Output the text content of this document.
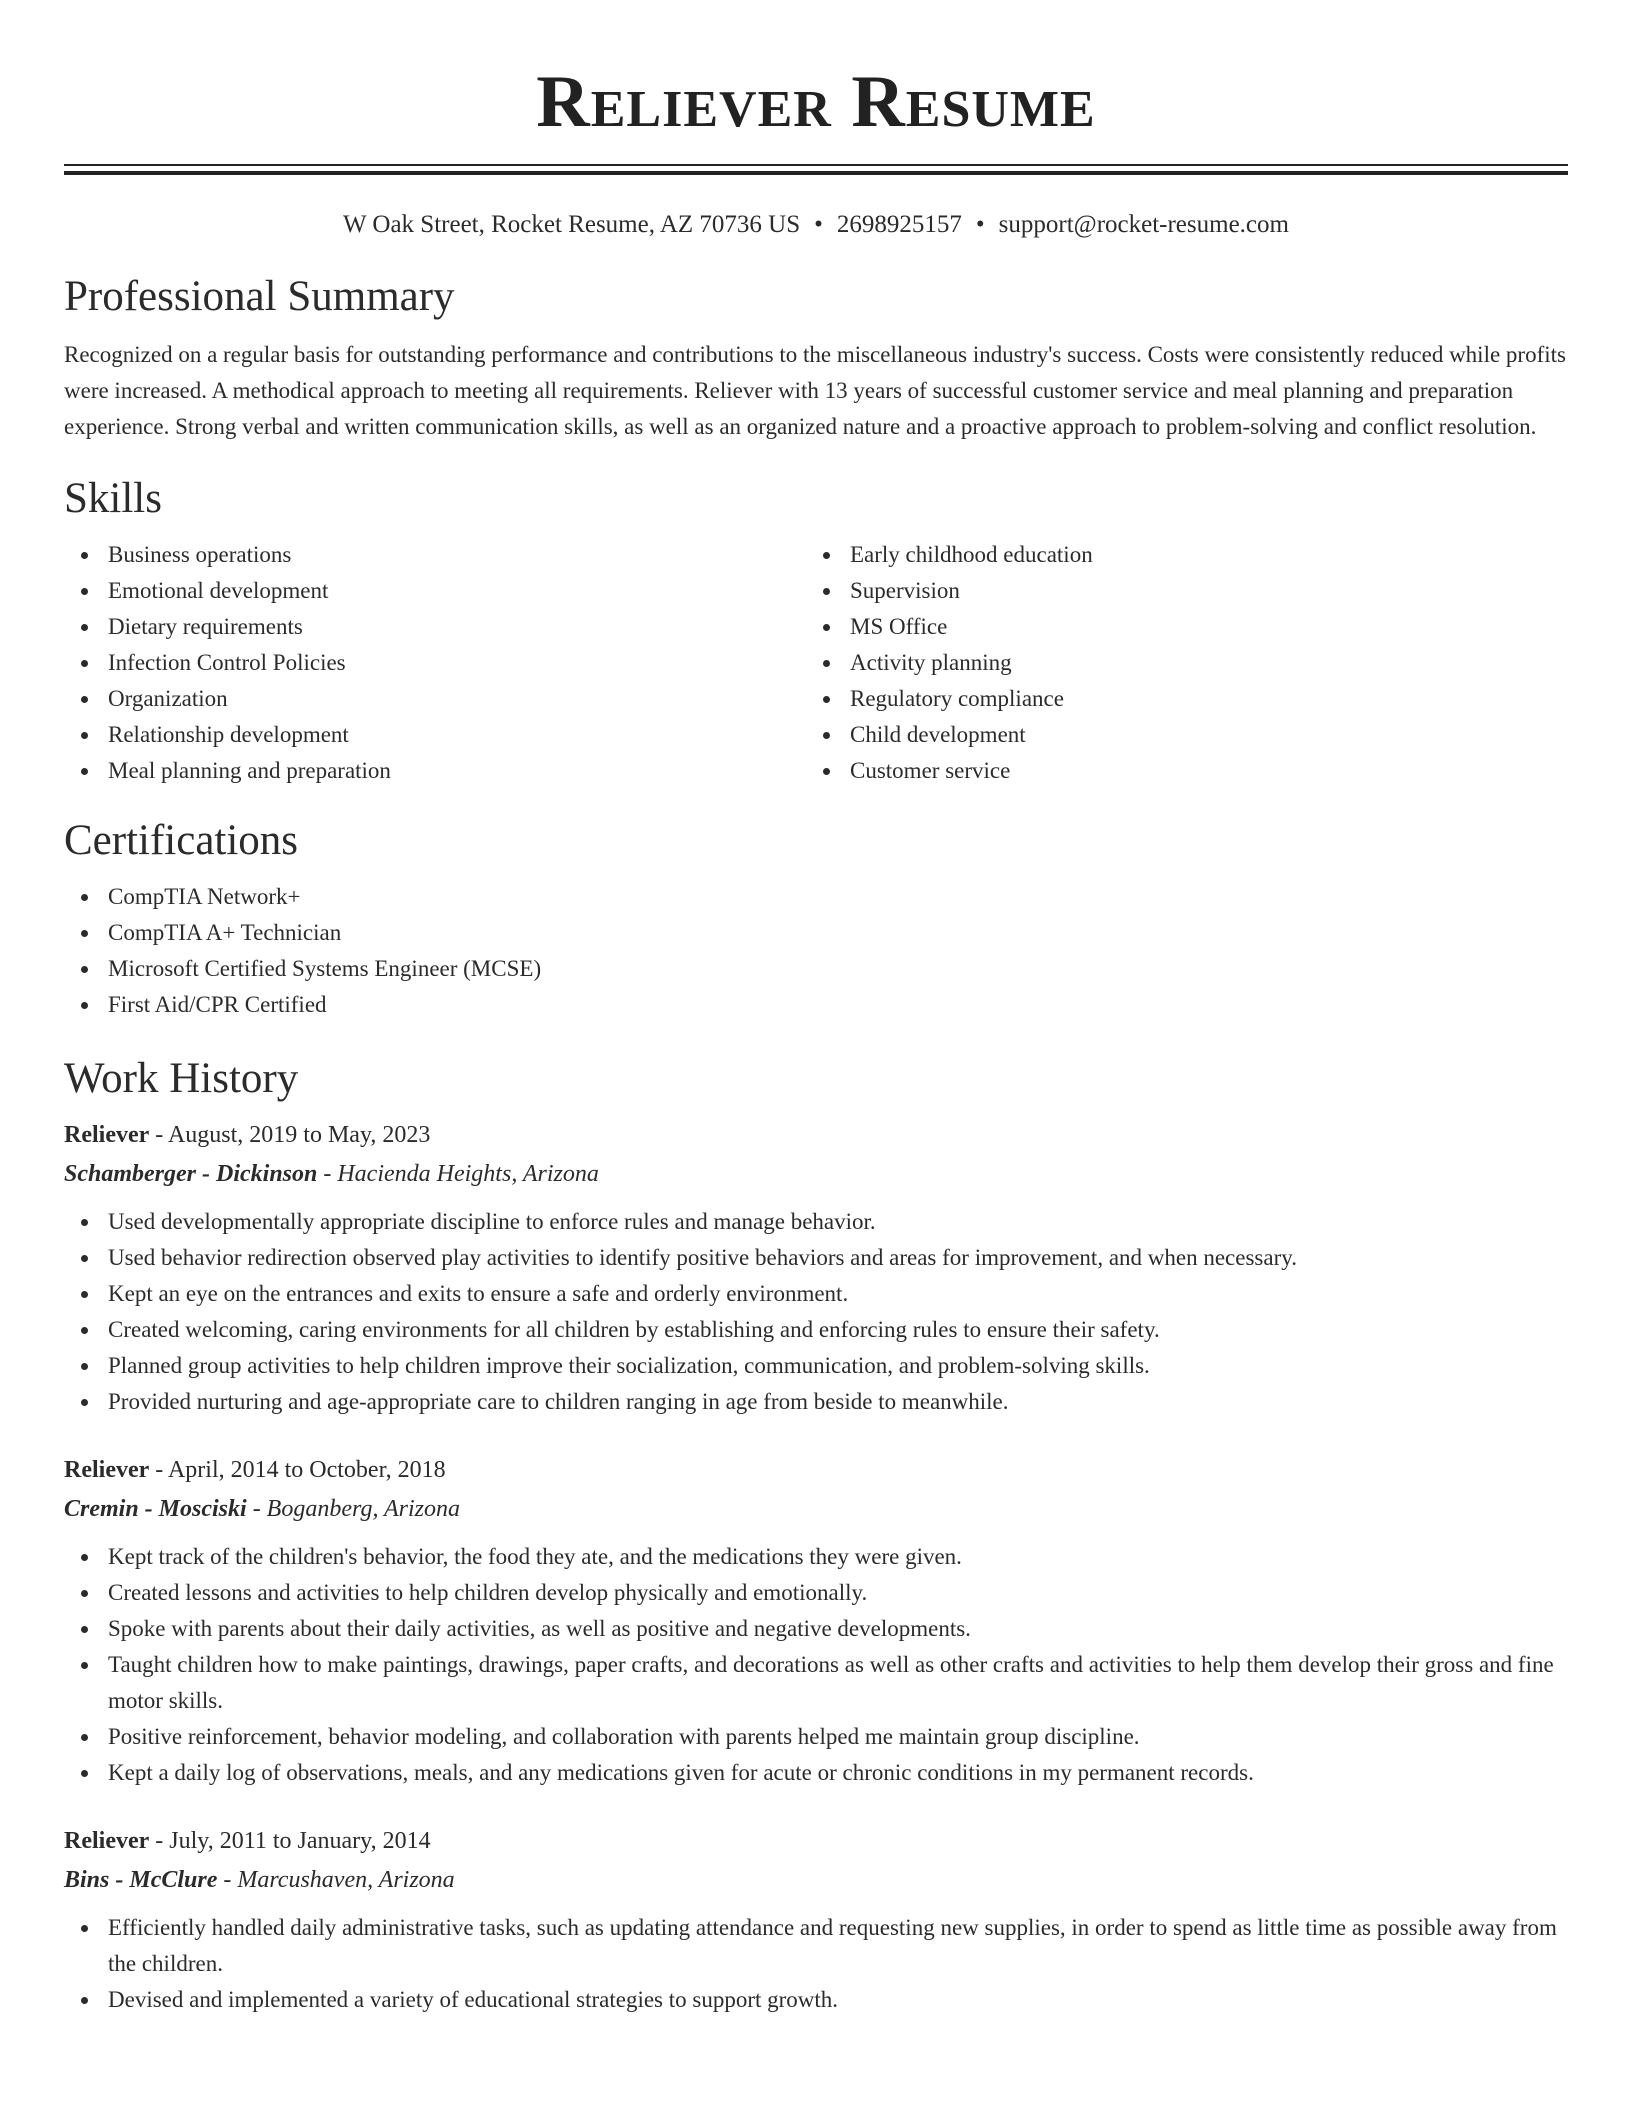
Reliever Resume
W Oak Street, Rocket Resume, AZ 70736 US • 2698925157 • support@rocket-resume.com
Professional Summary

Recognized on a regular basis for outstanding performance and contributions to the miscellaneous industry's success. Costs were consistently reduced while profits were increased. A methodical approach to meeting all requirements. Reliever with 13 years of successful customer service and meal planning and preparation experience. Strong verbal and written communication skills, as well as an organized nature and a proactive approach to problem-solving and conflict resolution.

Skills
Business operations
Emotional development
Dietary requirements
Infection Control Policies
Organization
Relationship development
Meal planning and preparation
Early childhood education
Supervision
MS Office
Activity planning
Regulatory compliance
Child development
Customer service
Certifications
CompTIA Network+
CompTIA A+ Technician
Microsoft Certified Systems Engineer (MCSE)
First Aid/CPR Certified
Work History
Reliever - August, 2019 to May, 2023
Schamberger - Dickinson - Hacienda Heights, Arizona
Used developmentally appropriate discipline to enforce rules and manage behavior.
Used behavior redirection observed play activities to identify positive behaviors and areas for improvement, and when necessary.
Kept an eye on the entrances and exits to ensure a safe and orderly environment.
Created welcoming, caring environments for all children by establishing and enforcing rules to ensure their safety.
Planned group activities to help children improve their socialization, communication, and problem-solving skills.
Provided nurturing and age-appropriate care to children ranging in age from beside to meanwhile.
Reliever - April, 2014 to October, 2018
Cremin - Mosciski - Boganberg, Arizona
Kept track of the children's behavior, the food they ate, and the medications they were given.
Created lessons and activities to help children develop physically and emotionally.
Spoke with parents about their daily activities, as well as positive and negative developments.
Taught children how to make paintings, drawings, paper crafts, and decorations as well as other crafts and activities to help them develop their gross and fine motor skills.
Positive reinforcement, behavior modeling, and collaboration with parents helped me maintain group discipline.
Kept a daily log of observations, meals, and any medications given for acute or chronic conditions in my permanent records.
Reliever - July, 2011 to January, 2014
Bins - McClure - Marcushaven, Arizona
Efficiently handled daily administrative tasks, such as updating attendance and requesting new supplies, in order to spend as little time as possible away from the children.
Devised and implemented a variety of educational strategies to support growth.
